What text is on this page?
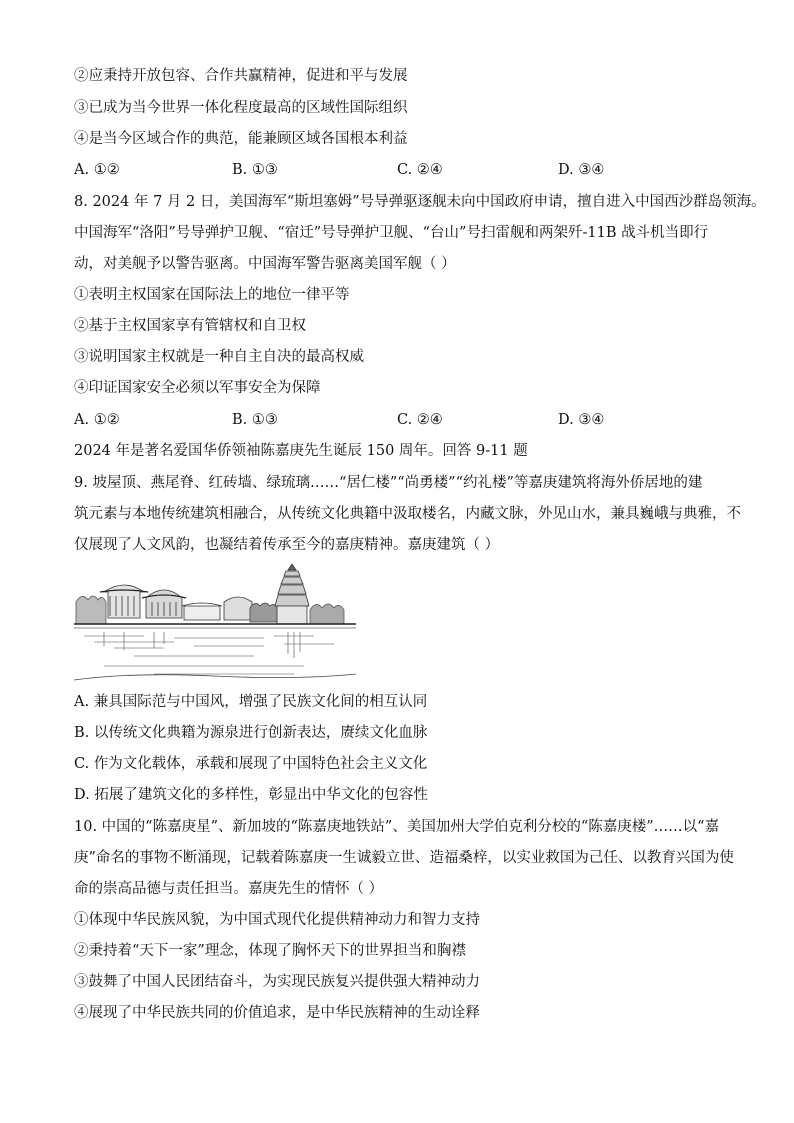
②应秉持开放包容、合作共赢精神，促进和平与发展
③已成为当今世界一体化程度最高的区域性国际组织
④是当今区域合作的典范，能兼顾区域各国根本利益
A. ①②	B. ①③	C. ②④	D. ③④
8. 2024 年 7 月 2 日，美国海军“斯坦塞姆”号导弹驱逐舰未向中国政府申请，擅自进入中国西沙群岛领海。
中国海军“洛阳”号导弹护卫舰、“宿迁”号导弹护卫舰、“台山”号扫雷舰和两架歼-11B 战斗机当即行
动，对美舰予以警告驱离。中国海军警告驱离美国军舰（ ）
①表明主权国家在国际法上的地位一律平等
②基于主权国家享有管辖权和自卫权
③说明国家主权就是一种自主自决的最高权威
④印证国家安全必须以军事安全为保障
A. ①②	B. ①③	C. ②④	D. ③④
2024 年是著名爱国华侨领袖陈嘉庚先生诞辰 150 周年。回答 9-11 题
9. 坡屋顶、燕尾脊、红砖墙、绿琉璃……“居仁楼”“尚勇楼”“约礼楼”等嘉庚建筑将海外侨居地的建
筑元素与本地传统建筑相融合，从传统文化典籍中汲取楼名，内藏文脉，外见山水，兼具巍峨与典雅，不
仅展现了人文风韵，也凝结着传承至今的嘉庚精神。嘉庚建筑（ ）
A. 兼具国际范与中国风，增强了民族文化间的相互认同
B. 以传统文化典籍为源泉进行创新表达，赓续文化血脉
C. 作为文化载体，承载和展现了中国特色社会主义文化
D. 拓展了建筑文化的多样性，彰显出中华文化的包容性
10. 中国的“陈嘉庚星”、新加坡的“陈嘉庚地铁站”、美国加州大学伯克利分校的“陈嘉庚楼”……以“嘉
庚”命名的事物不断涌现，记载着陈嘉庚一生诚毅立世、造福桑梓，以实业救国为己任、以教育兴国为使
命的崇高品德与责任担当。嘉庚先生的情怀（ ）
①体现中华民族风貌，为中国式现代化提供精神动力和智力支持
②秉持着“天下一家”理念，体现了胸怀天下的世界担当和胸襟
③鼓舞了中国人民团结奋斗，为实现民族复兴提供强大精神动力
④展现了中华民族共同的价值追求，是中华民族精神的生动诠释
